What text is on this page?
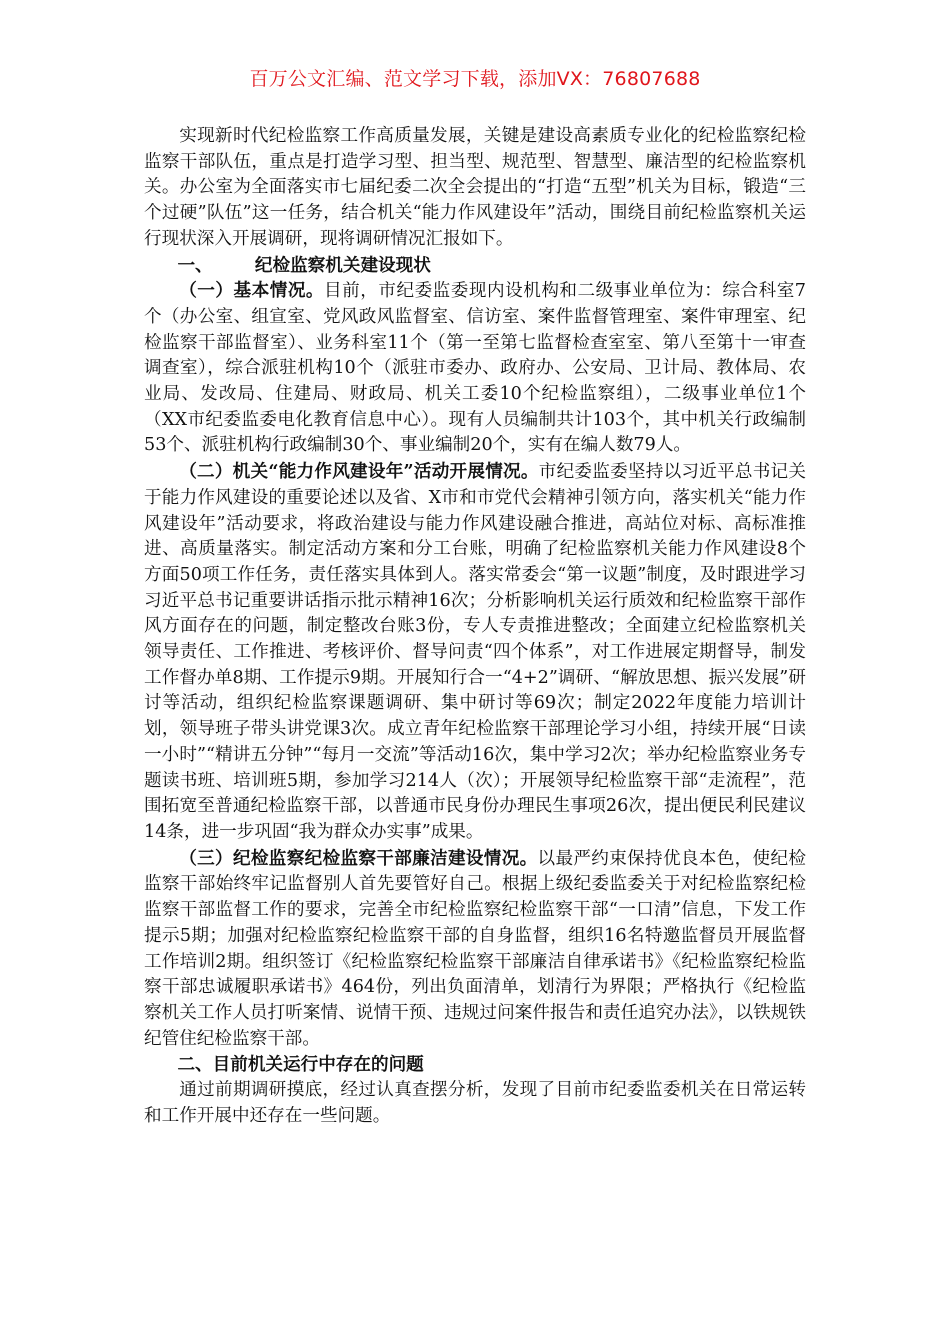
百万公文汇编、范文学习下载，添加VX：76807688

实现新时代纪检监察工作高质量发展，关键是建设高素质专业化的纪检监察纪检监察干部队伍，重点是打造学习型、担当型、规范型、智慧型、廉洁型的纪检监察机关。办公室为全面落实市七届纪委二次全会提出的“打造“五型”机关为目标，锻造“三个过硬”队伍”这一任务，结合机关“能力作风建设年”活动，围绕目前纪检监察机关运行现状深入开展调研，现将调研情况汇报如下。

一、 纪检监察机关建设现状

（一）基本情况。目前，市纪委监委现内设机构和二级事业单位为：综合科室7个（办公室、组宣室、党风政风监督室、信访室、案件监督管理室、案件审理室、纪检监察干部监督室）、业务科室11个（第一至第七监督检查室室、第八至第十一审查调查室），综合派驻机构10个（派驻市委办、政府办、公安局、卫计局、教体局、农业局、发改局、住建局、财政局、机关工委10个纪检监察组），二级事业单位1个（XX市纪委监委电化教育信息中心）。现有人员编制共计103个，其中机关行政编制53个、派驻机构行政编制30个、事业编制20个，实有在编人数79人。

（二）机关“能力作风建设年”活动开展情况。市纪委监委坚持以习近平总书记关于能力作风建设的重要论述以及省、X市和市党代会精神引领方向，落实机关“能力作风建设年”活动要求，将政治建设与能力作风建设融合推进，高站位对标、高标准推进、高质量落实。制定活动方案和分工台账，明确了纪检监察机关能力作风建设8个方面50项工作任务，责任落实具体到人。落实常委会“第一议题”制度，及时跟进学习习近平总书记重要讲话指示批示精神16次；分析影响机关运行质效和纪检监察干部作风方面存在的问题，制定整改台账3份，专人专责推进整改；全面建立纪检监察机关领导责任、工作推进、考核评价、督导问责“四个体系”，对工作进展定期督导，制发工作督办单8期、工作提示9期。开展知行合一“4+2”调研、“解放思想、振兴发展”研讨等活动，组织纪检监察课题调研、集中研讨等69次；制定2022年度能力培训计划，领导班子带头讲党课3次。成立青年纪检监察干部理论学习小组，持续开展“日读一小时”“精讲五分钟”“每月一交流”等活动16次，集中学习2次；举办纪检监察业务专题读书班、培训班5期，参加学习214人（次）；开展领导纪检监察干部“走流程”，范围拓宽至普通纪检监察干部，以普通市民身份办理民生事项26次，提出便民利民建议14条，进一步巩固“我为群众办实事”成果。

（三）纪检监察纪检监察干部廉洁建设情况。以最严约束保持优良本色，使纪检监察干部始终牢记监督别人首先要管好自己。根据上级纪委监委关于对纪检监察纪检监察干部监督工作的要求，完善全市纪检监察纪检监察干部“一口清”信息，下发工作提示5期；加强对纪检监察纪检监察干部的自身监督，组织16名特邀监督员开展监督工作培训2期。组织签订《纪检监察纪检监察干部廉洁自律承诺书》《纪检监察纪检监察干部忠诚履职承诺书》464份，列出负面清单，划清行为界限；严格执行《纪检监察机关工作人员打听案情、说情干预、违规过问案件报告和责任追究办法》，以铁规铁纪管住纪检监察干部。

二、目前机关运行中存在的问题

通过前期调研摸底，经过认真查摆分析，发现了目前市纪委监委机关在日常运转和工作开展中还存在一些问题。
